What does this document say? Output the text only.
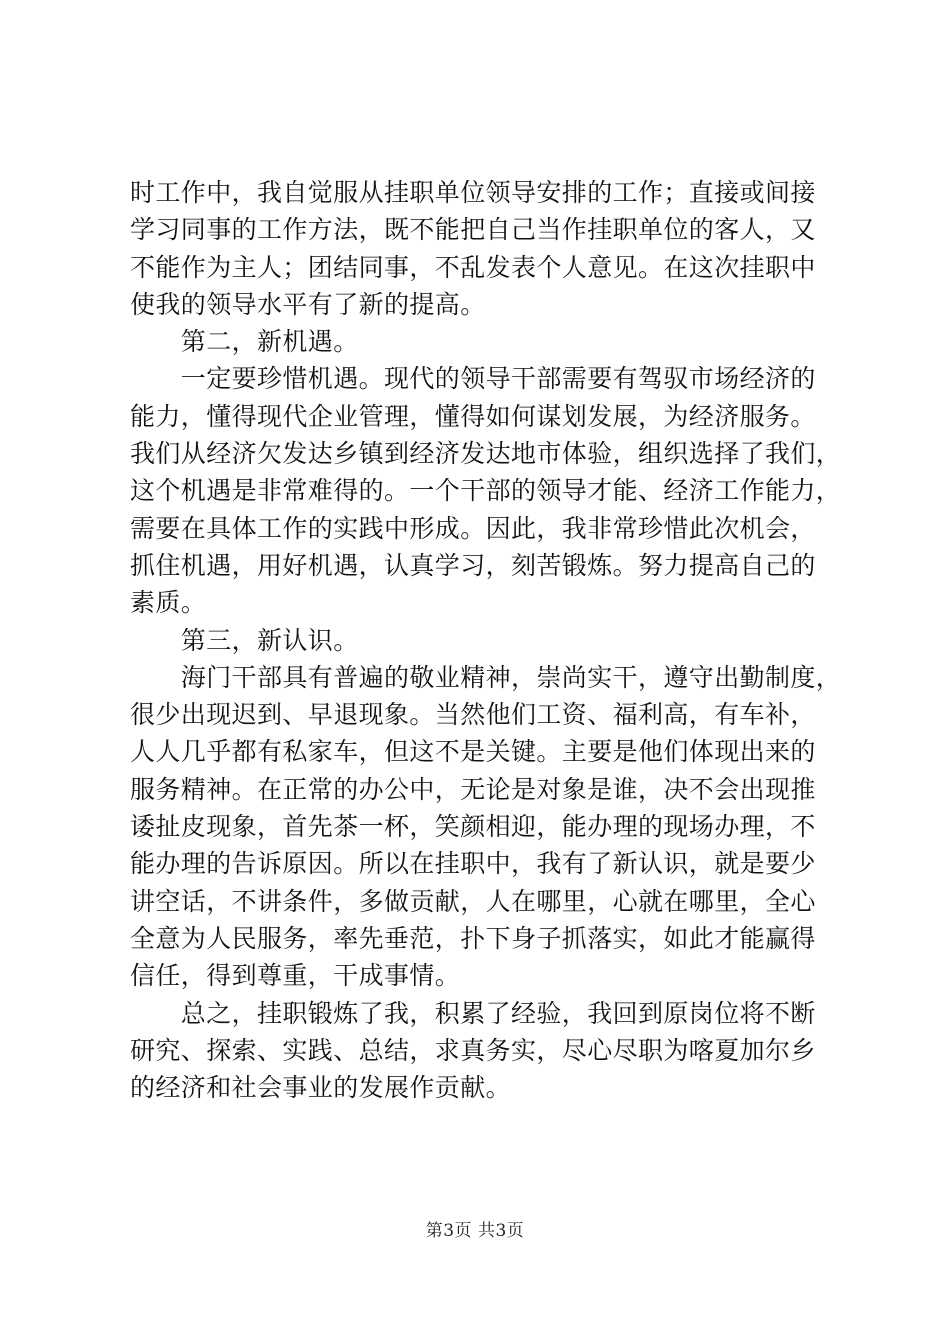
时工作中，我自觉服从挂职单位领导安排的工作；直接或间接
学习同事的工作方法，既不能把自己当作挂职单位的客人，又
不能作为主人；团结同事，不乱发表个人意见。在这次挂职中
使我的领导水平有了新的提高。
　　第二，新机遇。
　　一定要珍惜机遇。现代的领导干部需要有驾驭市场经济的
能力，懂得现代企业管理，懂得如何谋划发展，为经济服务。
我们从经济欠发达乡镇到经济发达地市体验，组织选择了我们，
这个机遇是非常难得的。一个干部的领导才能、经济工作能力，
需要在具体工作的实践中形成。因此，我非常珍惜此次机会，
抓住机遇，用好机遇，认真学习，刻苦锻炼。努力提高自己的
素质。
　　第三，新认识。
　　海门干部具有普遍的敬业精神，崇尚实干，遵守出勤制度，
很少出现迟到、早退现象。当然他们工资、福利高，有车补，
人人几乎都有私家车，但这不是关键。主要是他们体现出来的
服务精神。在正常的办公中，无论是对象是谁，决不会出现推
诿扯皮现象，首先茶一杯，笑颜相迎，能办理的现场办理，不
能办理的告诉原因。所以在挂职中，我有了新认识，就是要少
讲空话，不讲条件，多做贡献，人在哪里，心就在哪里，全心
全意为人民服务，率先垂范，扑下身子抓落实，如此才能赢得
信任，得到尊重，干成事情。
　　总之，挂职锻炼了我，积累了经验，我回到原岗位将不断
研究、探索、实践、总结，求真务实，尽心尽职为喀夏加尔乡
的经济和社会事业的发展作贡献。
第3页 共3页
